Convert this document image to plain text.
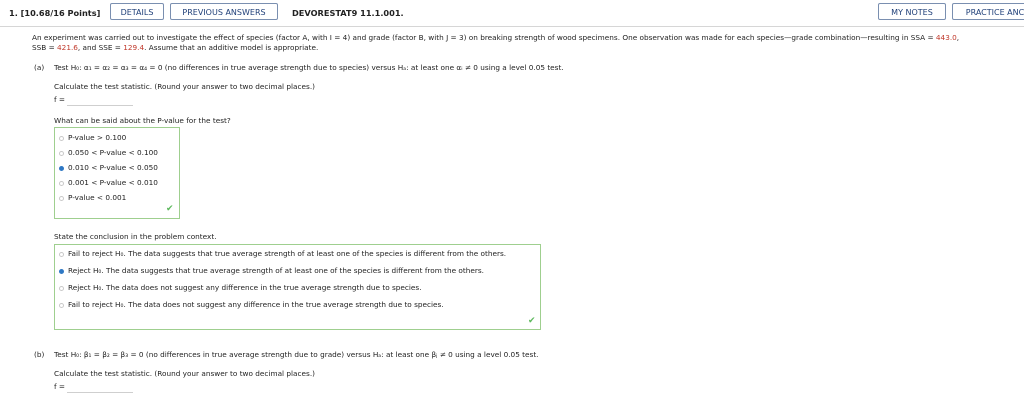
1. [10.68/16 Points]	DETAILS	PREVIOUS ANSWERS	DEVORESTAT9 11.1.001.	MY NOTES	PRACTICE ANC
An experiment was carried out to investigate the effect of species (factor A, with I = 4) and grade (factor B, with J = 3) on breaking strength of wood specimens. One observation was made for each species—grade combination—resulting in SSA = 443.0,
SSB = 421.6, and SSE = 129.4. Assume that an additive model is appropriate.
(a) Test H₀: α₁ = α₂ = α₃ = α₄ = 0 (no differences in true average strength due to species) versus Hₐ: at least one αᵢ ≠ 0 using a level 0.05 test.
Calculate the test statistic. (Round your answer to two decimal places.)
f =
What can be said about the P-value for the test?
P-value > 0.100
0.050 < P-value < 0.100
0.010 < P-value < 0.050
0.001 < P-value < 0.010
P-value < 0.001
✔
State the conclusion in the problem context.
Fail to reject H₀. The data suggests that true average strength of at least one of the species is different from the others.
Reject H₀. The data suggests that true average strength of at least one of the species is different from the others.
Reject H₀. The data does not suggest any difference in the true average strength due to species.
Fail to reject H₀. The data does not suggest any difference in the true average strength due to species.
✔
(b) Test H₀: β₁ = β₂ = β₃ = 0 (no differences in true average strength due to grade) versus Hₐ: at least one βⱼ ≠ 0 using a level 0.05 test.
Calculate the test statistic. (Round your answer to two decimal places.)
f =
